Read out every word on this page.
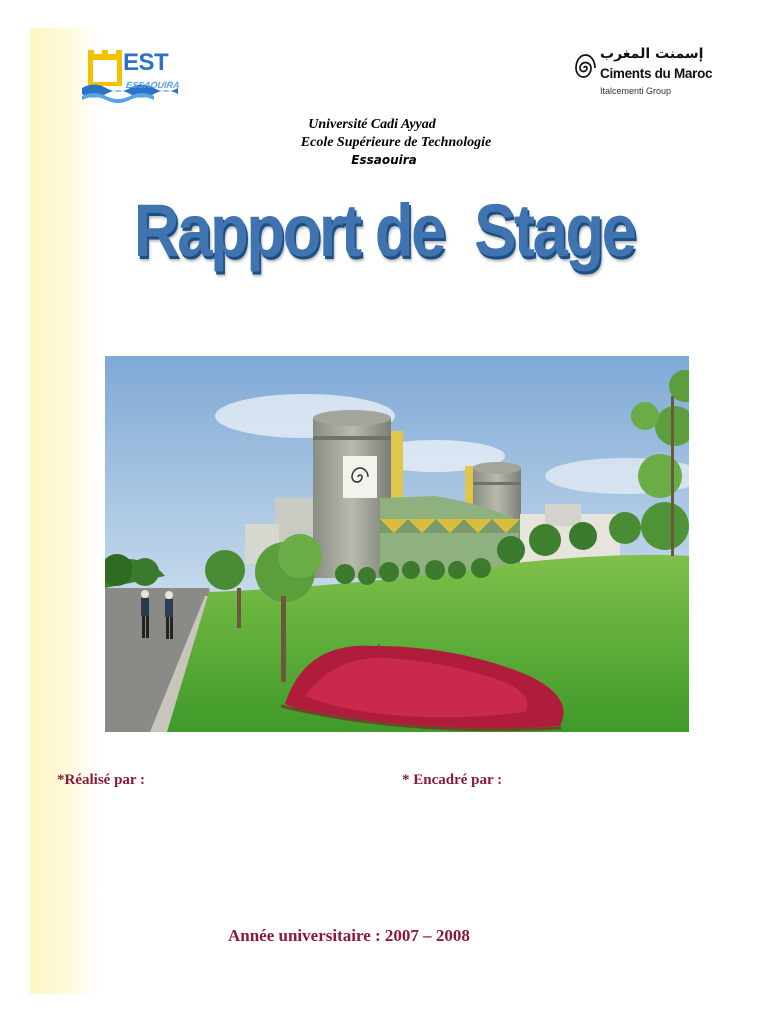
EST
ESSAOUIRA
إسمنت المغرب
Ciments du Maroc
Italcementi Group
Université Cadi Ayyad
Ecole Supérieure de Technologie
Essaouira
Rapport de  Stage
*Réalisé par :	* Encadré par :
Année universitaire : 2007 – 2008
